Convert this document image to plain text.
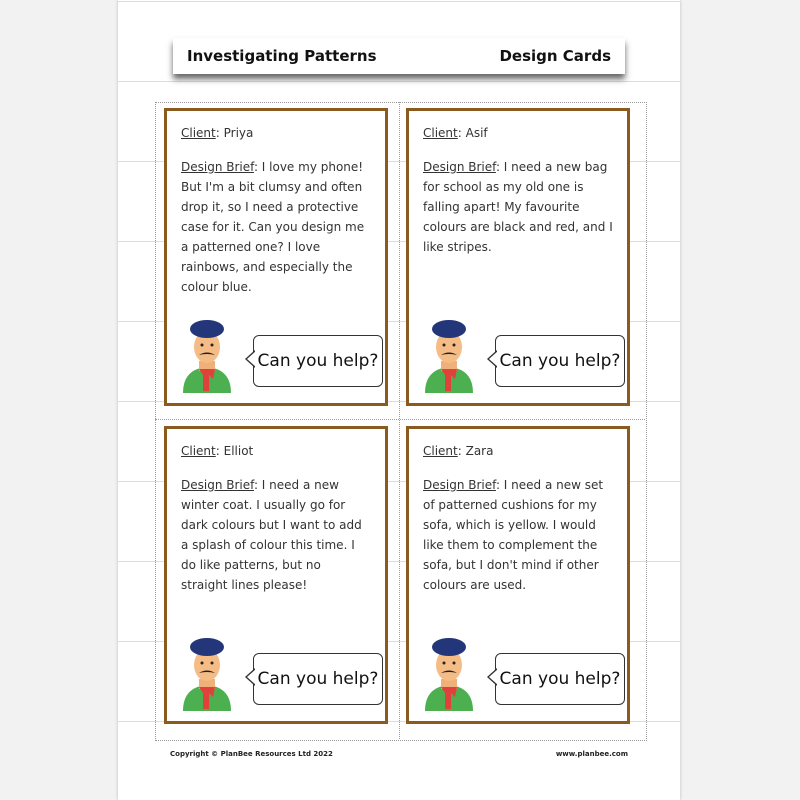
Investigating Patterns	Design Cards
Client: Priya
Design Brief: I love my phone! But I'm a bit clumsy and often drop it, so I need a protective case for it. Can you design me a patterned one? I love rainbows, and especially the colour blue.
Can you help?
Client: Asif
Design Brief: I need a new bag for school as my old one is falling apart! My favourite colours are black and red, and I like stripes.
Can you help?
Client: Elliot
Design Brief: I need a new winter coat. I usually go for dark colours but I want to add a splash of colour this time. I do like patterns, but no straight lines please!
Can you help?
Client: Zara
Design Brief: I need a new set of patterned cushions for my sofa, which is yellow. I would like them to complement the sofa, but I don't mind if other colours are used.
Can you help?
Copyright © PlanBee Resources Ltd 2022	www.planbee.com
